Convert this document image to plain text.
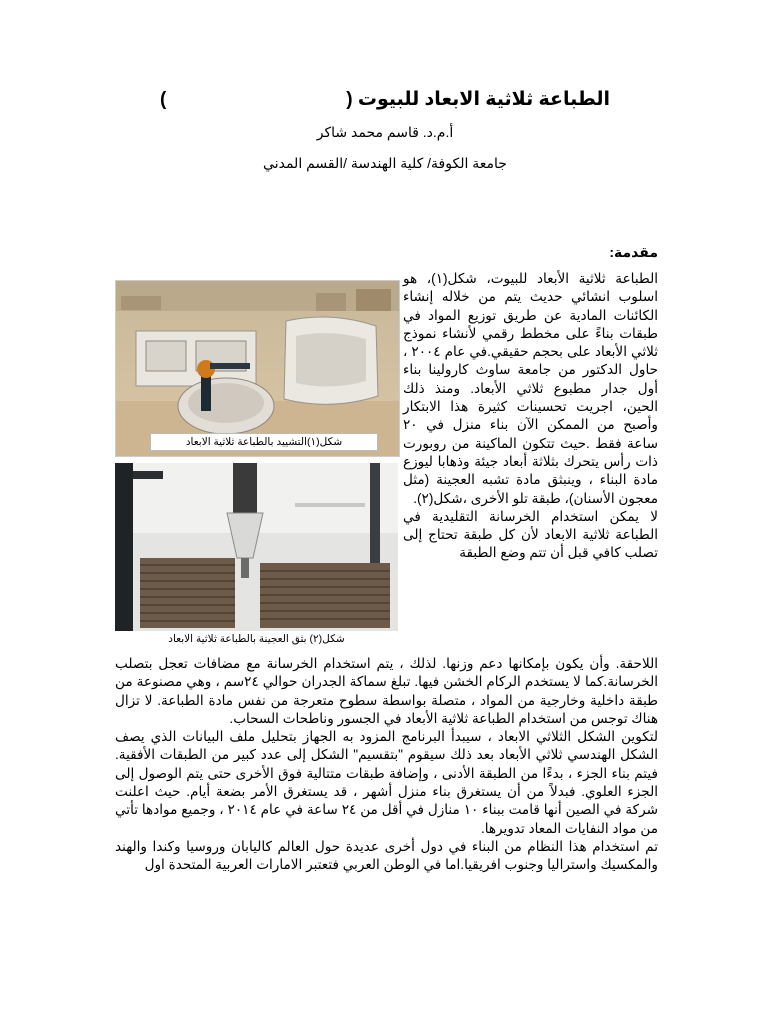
الطباعة ثلاثية الابعاد للبيوت ()
أ.م.د. قاسم محمد شاكر
جامعة الكوفة/ كلية الهندسة /القسم المدني
مقدمة:
شكل(١)التشييد بالطباعة ثلاثية الابعاد
شكل(٢) بثق العجينة بالطباعة ثلاثية الابعاد

الطباعة ثلاثية الأبعاد للبيوت، شكل(١)، هو اسلوب انشائي حديث يتم من خلاله إنشاء الكائنات المادية عن طريق توزيع المواد في طبقات بناءً على مخطط رقمي لأنشاء نموذج ثلاثي الأبعاد على بحجم حقيقي.في عام ٢٠٠٤ ، حاول الدكتور من جامعة ساوث كارولينا بناء أول جدار مطبوع ثلاثي الأبعاد. ومنذ ذلك الحين، اجريت تحسينات كثيرة هذا الابتكار وأصبح من الممكن الآن بناء منزل في ٢٠ ساعة فقط .حيث تتكون الماكينة من روبورت ذات رأس يتحرك بثلاثة أبعاد جيئة وذهابا ليوزع مادة البناء ، وينبثق مادة تشبه العجينة (مثل معجون الأسنان)، طبقة تلو الأخرى ،شكل(٢).

لا يمكن استخدام الخرسانة التقليدية في الطباعة ثلاثية الابعاد لأن كل طبقة تحتاج إلى تصلب كافي قبل أن تتم وضع الطبقة

اللاحقة. وأن يكون بإمكانها دعم وزنها. لذلك ، يتم استخدام الخرسانة مع مضافات تعجل بتصلب الخرسانة.كما لا يستخدم الركام الخشن فيها. تبلغ سماكة الجدران حوالي ٢٤سم ، وهي مصنوعة من طبقة داخلية وخارجية من المواد ، متصلة بواسطة سطوح متعرجة من نفس مادة الطباعة. لا تزال هناك توجس من استخدام الطباعة ثلاثية الأبعاد في الجسور وناطحات السحاب.

لتكوين الشكل الثلاثي الابعاد ، سيبدأ البرنامج المزود به الجهاز بتحليل ملف البيانات الذي يصف الشكل الهندسي ثلاثي الأبعاد بعد ذلك سيقوم "بتقسيم" الشكل إلى عدد كبير من الطبقات الأفقية. فيتم بناء الجزء ، بدءًا من الطبقة الأدنى ، وإضافة طبقات متتالية فوق الأخرى حتى يتم الوصول إلى الجزء العلوي. فبدلاً من أن يستغرق بناء منزل أشهر ، قد يستغرق الأمر بضعة أيام. حيث اعلنت شركة في الصين أنها قامت ببناء ١٠ منازل في أقل من ٢٤ ساعة في عام ٢٠١٤ ، وجميع موادها تأتي من مواد النفايات المعاد تدويرها.

تم استخدام هذا النظام من البناء في دول أخرى عديدة حول العالم كاليابان وروسيا وكندا والهند والمكسيك واستراليا وجنوب افريقيا.اما في الوطن العربي فتعتبر الامارات العربية المتحدة اول
